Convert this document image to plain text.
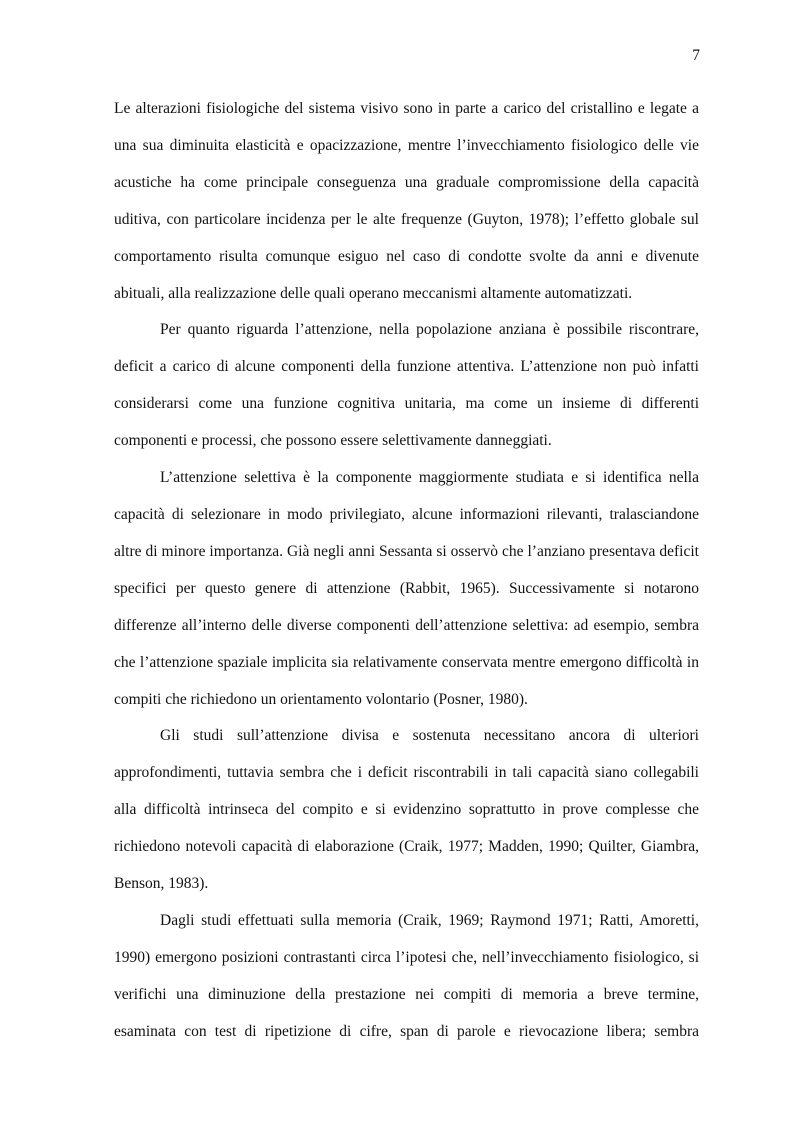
7

Le alterazioni fisiologiche del sistema visivo sono in parte a carico del cristallino e legate a una sua diminuita elasticità e opacizzazione, mentre l’invecchiamento fisiologico delle vie acustiche ha come principale conseguenza una graduale compromissione della capacità uditiva, con particolare incidenza per le alte frequenze (Guyton, 1978); l’effetto globale sul comportamento risulta comunque esiguo nel caso di condotte svolte da anni e divenute abituali, alla realizzazione delle quali operano meccanismi altamente automatizzati.

Per quanto riguarda l’attenzione, nella popolazione anziana è possibile riscontrare, deficit a carico di alcune componenti della funzione attentiva. L’attenzione non può infatti considerarsi come una funzione cognitiva unitaria, ma come un insieme di differenti componenti e processi, che possono essere selettivamente danneggiati.

L’attenzione selettiva è la componente maggiormente studiata e si identifica nella capacità di selezionare in modo privilegiato, alcune informazioni rilevanti, tralasciandone altre di minore importanza. Già negli anni Sessanta si osservò che l’anziano presentava deficit specifici per questo genere di attenzione (Rabbit, 1965). Successivamente si notarono differenze all’interno delle diverse componenti dell’attenzione selettiva: ad esempio, sembra che l’attenzione spaziale implicita sia relativamente conservata mentre emergono difficoltà in compiti che richiedono un orientamento volontario (Posner, 1980).

Gli studi sull’attenzione divisa e sostenuta necessitano ancora di ulteriori approfondimenti, tuttavia sembra che i deficit riscontrabili in tali capacità siano collegabili alla difficoltà intrinseca del compito e si evidenzino soprattutto in prove complesse che richiedono notevoli capacità di elaborazione (Craik, 1977; Madden, 1990; Quilter, Giambra, Benson, 1983).

Dagli studi effettuati sulla memoria (Craik, 1969; Raymond 1971; Ratti, Amoretti, 1990) emergono posizioni contrastanti circa l’ipotesi che, nell’invecchiamento fisiologico, si verifichi una diminuzione della prestazione nei compiti di memoria a breve termine, esaminata con test di ripetizione di cifre, span di parole e rievocazione libera; sembra
